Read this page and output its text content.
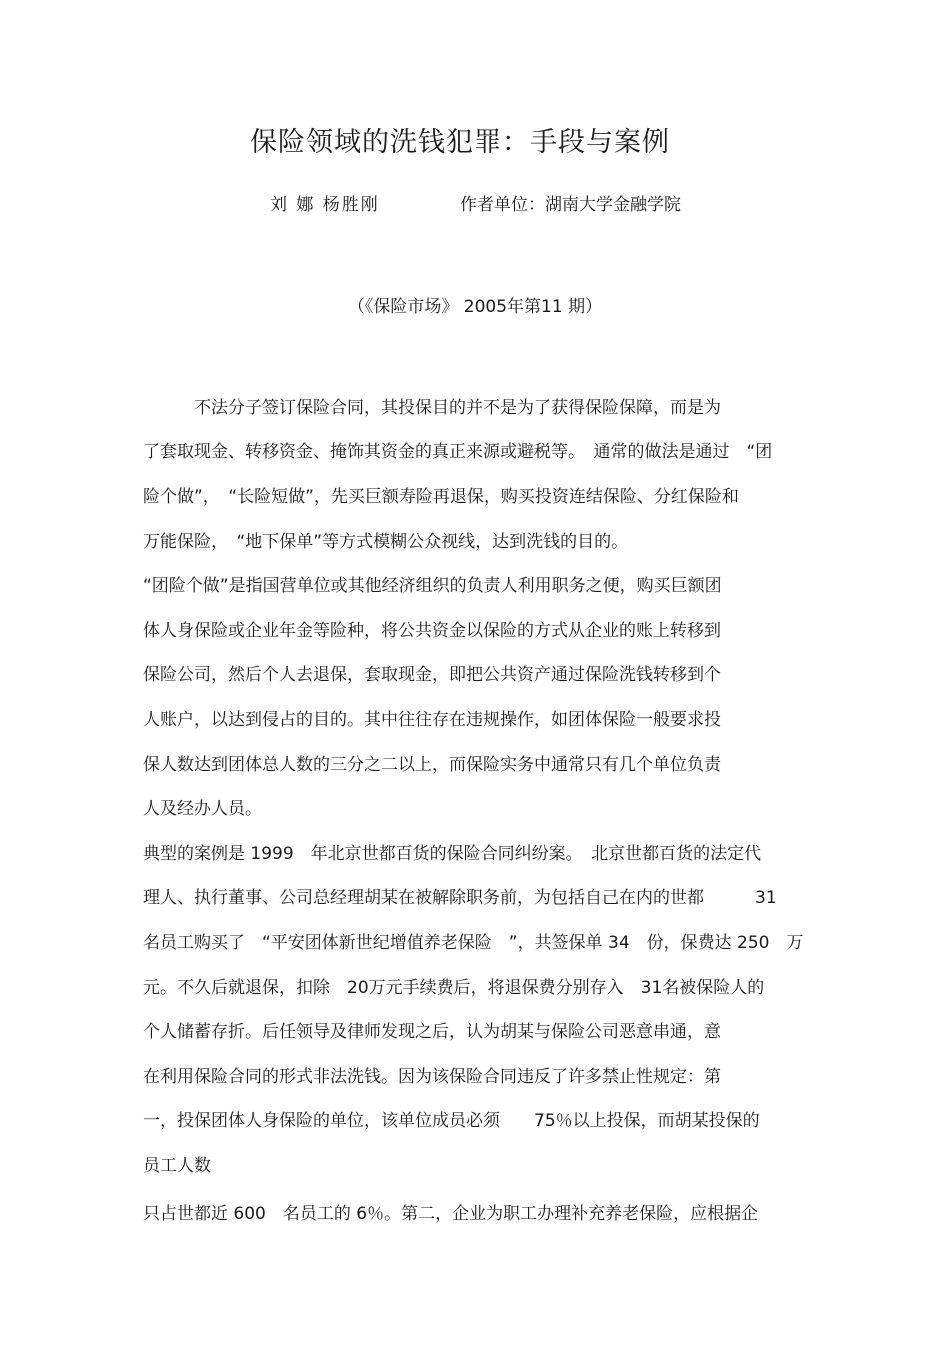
保险领域的洗钱犯罪：手段与案例
刘 娜 杨胜刚	作者单位：湖南大学金融学院
（《保险市场》 2005年第11 期）
　　　不法分子签订保险合同，其投保目的并不是为了获得保险保障，而是为
了套取现金、转移资金、掩饰其资金的真正来源或避税等。　通常的做法是通过　“团
险个做”，　“长险短做”，先买巨额寿险再退保，购买投资连结保险、分红保险和
万能保险，　“地下保单”等方式模糊公众视线，达到洗钱的目的。
“团险个做”是指国营单位或其他经济组织的负责人利用职务之便，购买巨额团
体人身保险或企业年金等险种，将公共资金以保险的方式从企业的账上转移到
保险公司，然后个人去退保，套取现金，即把公共资产通过保险洗钱转移到个
人账户，以达到侵占的目的。其中往往存在违规操作，如团体保险一般要求投
保人数达到团体总人数的三分之二以上，而保险实务中通常只有几个单位负责
人及经办人员。
典型的案例是 1999　年北京世都百货的保险合同纠纷案。　北京世都百货的法定代
理人、执行董事、公司总经理胡某在被解除职务前，为包括自己在内的世都　　　31
名员工购买了　“平安团体新世纪增值养老保险　”，共签保单 34　份，保费达 250　万
元。不久后就退保，扣除　20万元手续费后，将退保费分别存入　31名被保险人的
个人储蓄存折。后任领导及律师发现之后，认为胡某与保险公司恶意串通，意
在利用保险合同的形式非法洗钱。因为该保险合同违反了许多禁止性规定：第
一，投保团体人身保险的单位，该单位成员必须　　75％以上投保，而胡某投保的
员工人数
只占世都近 600　名员工的 6％。第二，企业为职工办理补充养老保险，应根据企
